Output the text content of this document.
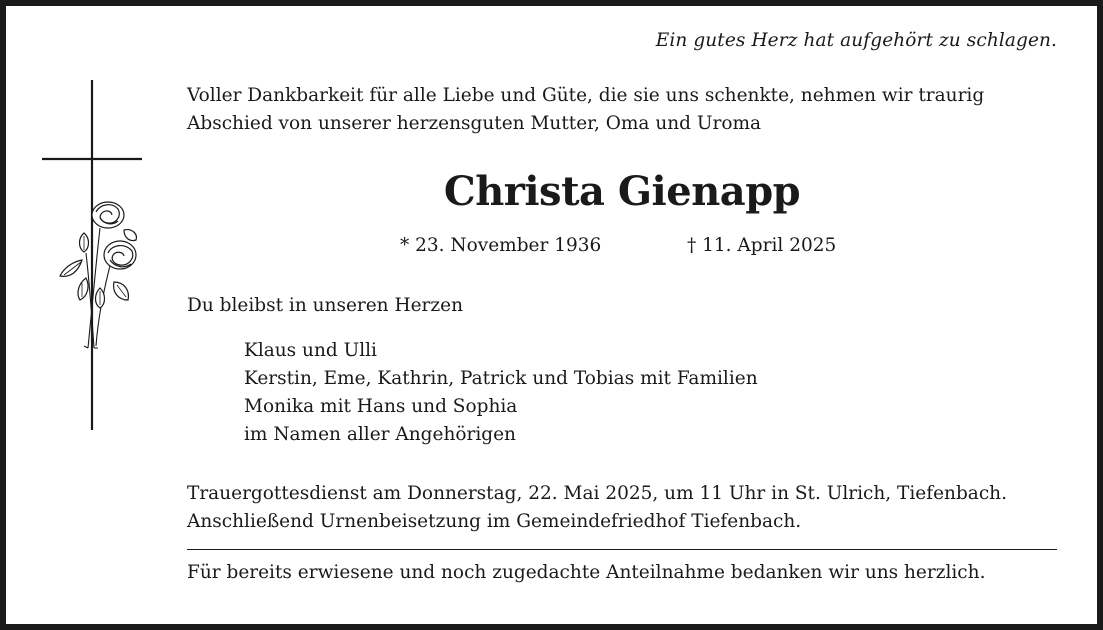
Ein gutes Herz hat aufgehört zu schlagen.
Voller Dankbarkeit für alle Liebe und Güte, die sie uns schenkte, nehmen wir traurig
Abschied von unserer herzensguten Mutter, Oma und Uroma
Christa Gienapp
* 23. November 1936	† 11. April 2025
Du bleibst in unseren Herzen
Klaus und Ulli
Kerstin, Eme, Kathrin, Patrick und Tobias mit Familien
Monika mit Hans und Sophia
im Namen aller Angehörigen
Trauergottesdienst am Donnerstag, 22. Mai 2025, um 11 Uhr in St. Ulrich, Tiefenbach.
Anschließend Urnenbeisetzung im Gemeindefriedhof Tiefenbach.
Für bereits erwiesene und noch zugedachte Anteilnahme bedanken wir uns herzlich.
